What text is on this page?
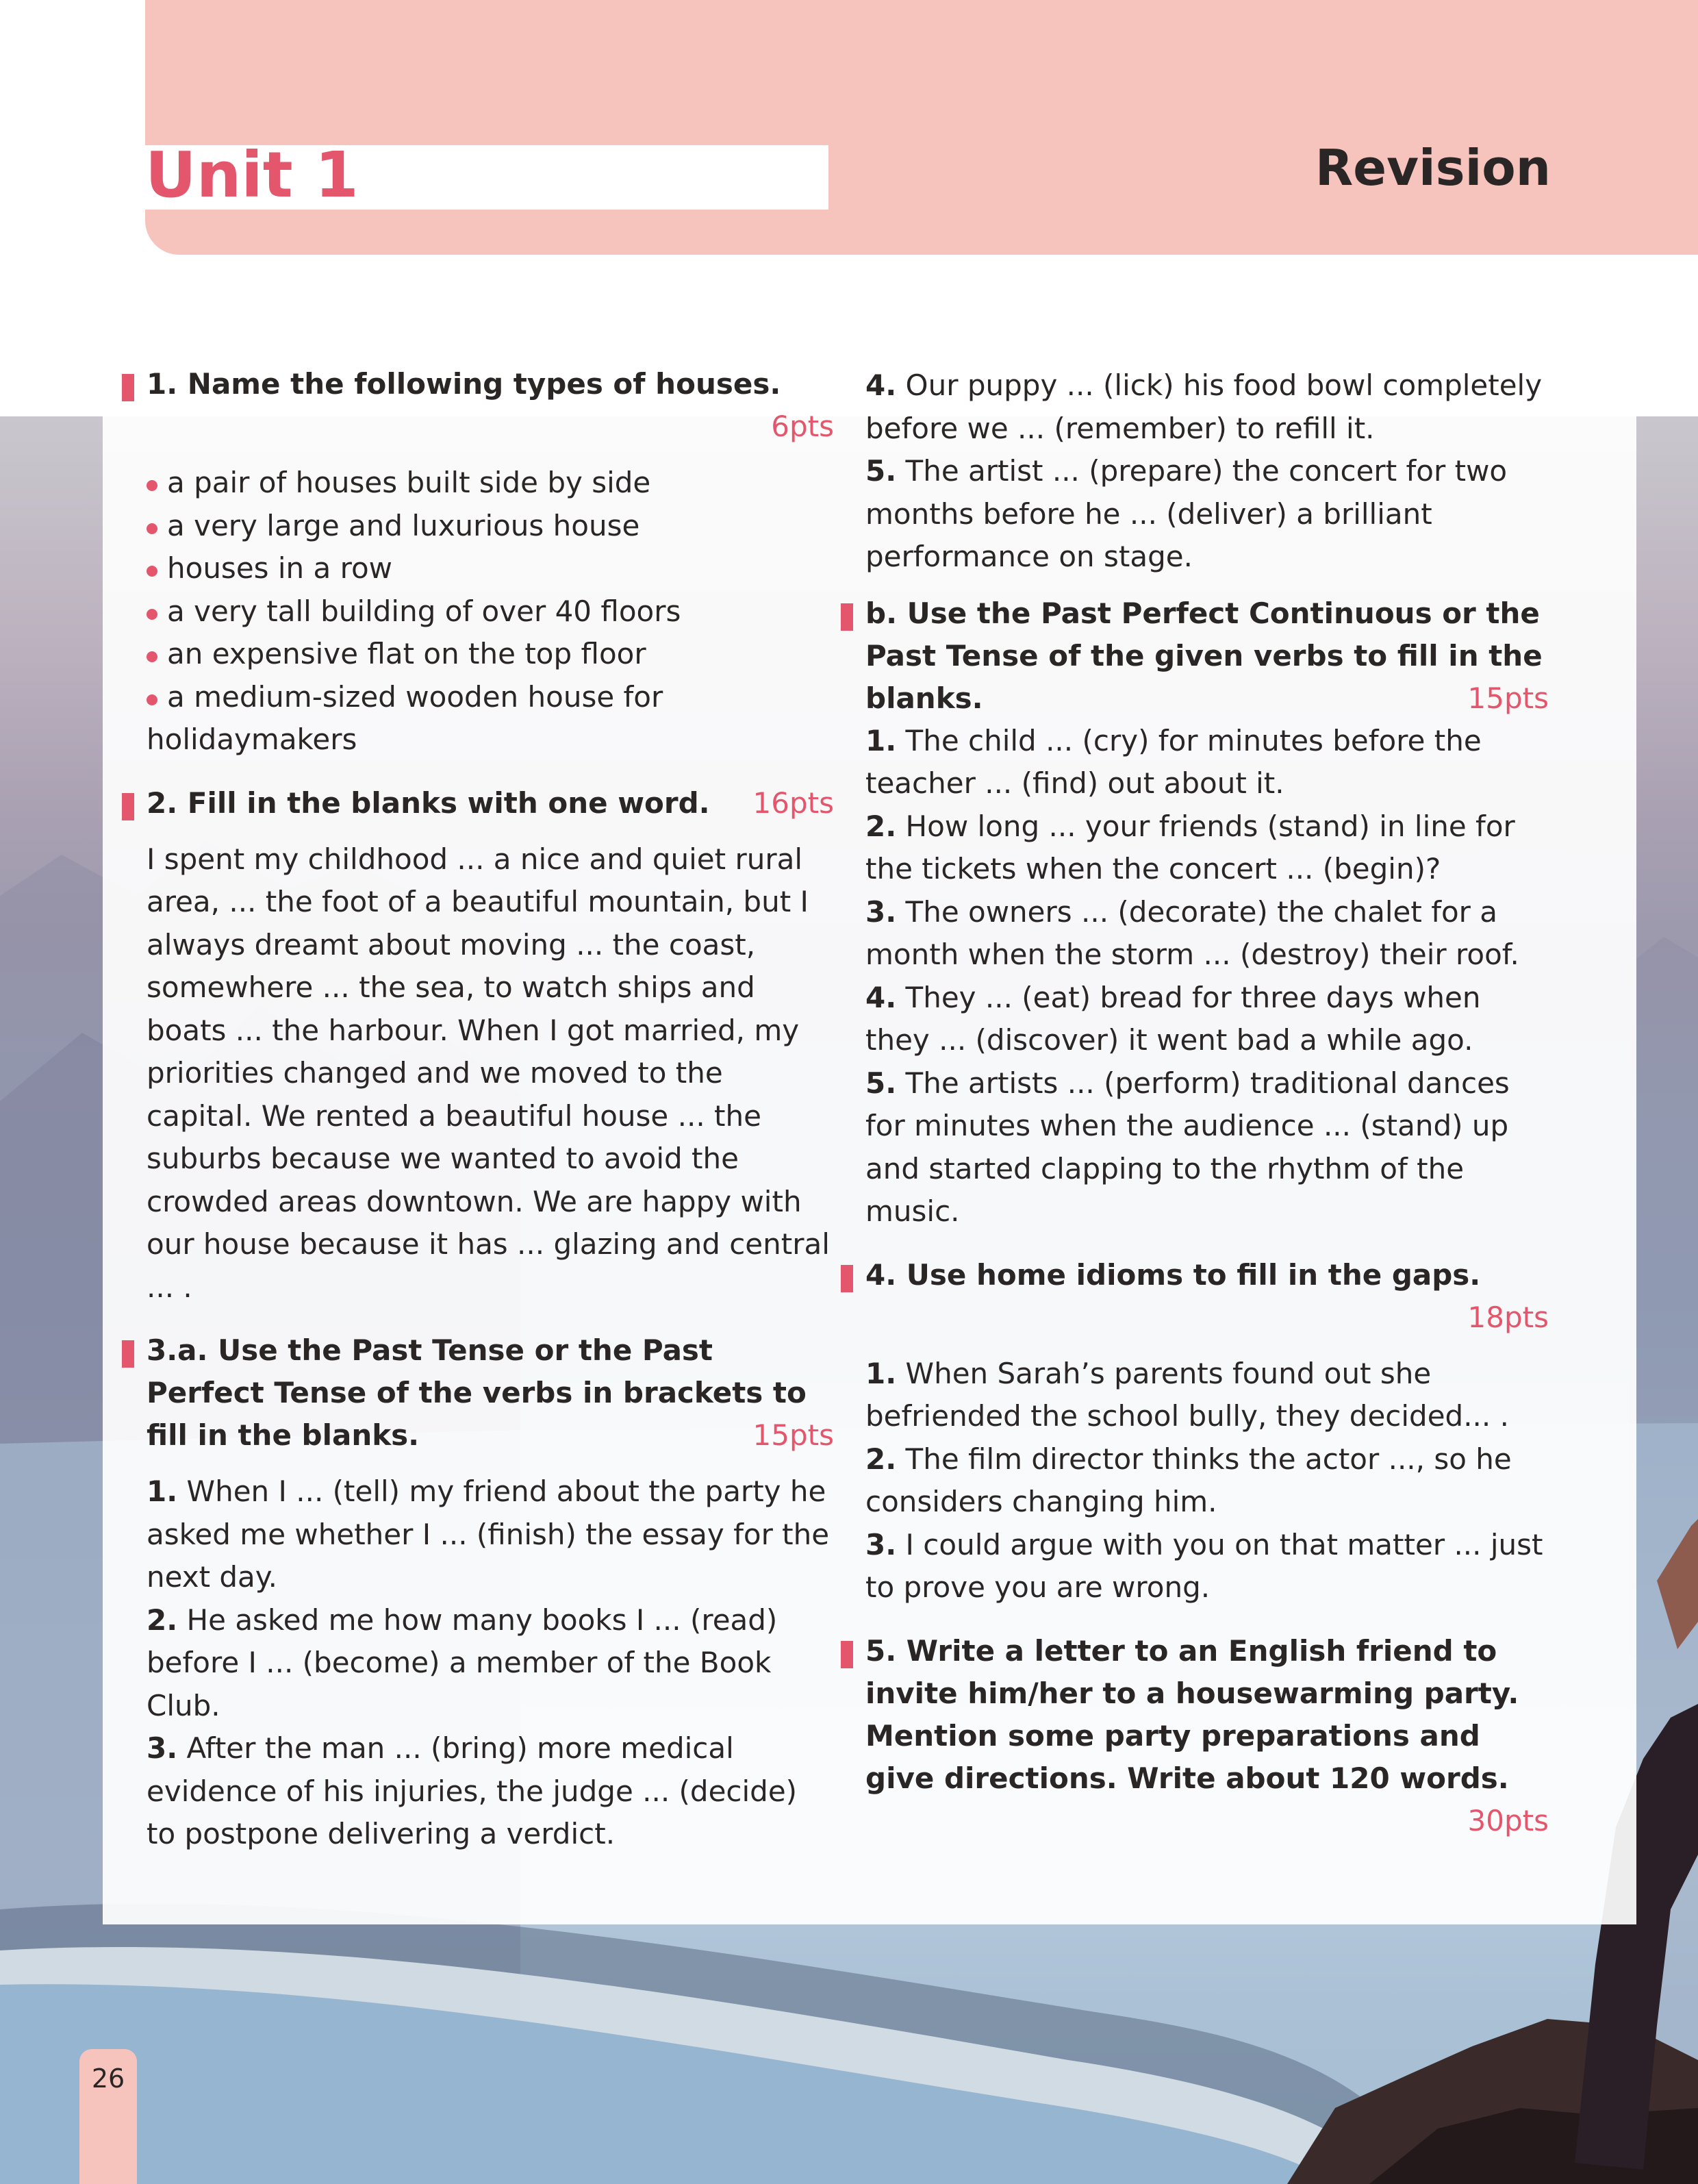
Unit 1	Revision
1. Name the following types of houses.
6pts
a pair of houses built side by side
a very large and luxurious house
houses in a row
a very tall building of over 40 floors
an expensive flat on the top floor
a medium-sized wooden house for
holidaymakers
2. Fill in the blanks with one word. 16pts
I spent my childhood ... a nice and quiet rural area, ... the foot of a beautiful mountain, but I always dreamt about moving ... the coast, somewhere ... the sea, to watch ships and boats ... the harbour. When I got married, my priorities changed and we moved to the capital. We rented a beautiful house ... the suburbs because we wanted to avoid the crowded areas downtown. We are happy with our house because it has ... glazing and central ... .
3.a. Use the Past Tense or the Past Perfect Tense of the verbs in brackets to fill in the blanks.	15pts
1. When I ... (tell) my friend about the party he asked me whether I ... (finish) the essay for the next day.
2. He asked me how many books I ... (read) before I ... (become) a member of the Book Club.
3. After the man ... (bring) more medical evidence of his injuries, the judge ... (decide) to postpone delivering a verdict.
4. Our puppy ... (lick) his food bowl completely before we ... (remember) to refill it.
5. The artist ... (prepare) the concert for two months before he ... (deliver) a brilliant performance on stage.
b. Use the Past Perfect Continuous or the Past Tense of the given verbs to fill in the blanks.	15pts
1. The child ... (cry) for minutes before the teacher ... (find) out about it.
2. How long ... your friends (stand) in line for the tickets when the concert ... (begin)?
3. The owners ... (decorate) the chalet for a month when the storm ... (destroy) their roof.
4. They ... (eat) bread for three days when they ... (discover) it went bad a while ago.
5. The artists ... (perform) traditional dances for minutes when the audience ... (stand) up and started clapping to the rhythm of the music.
4. Use home idioms to fill in the gaps.
18pts
1. When Sarah’s parents found out she befriended the school bully, they decided... .
2. The film director thinks the actor ..., so he considers changing him.
3. I could argue with you on that matter ... just to prove you are wrong.
5. Write a letter to an English friend to invite him/her to a housewarming party. Mention some party preparations and give directions. Write about 120 words.
30pts
26
